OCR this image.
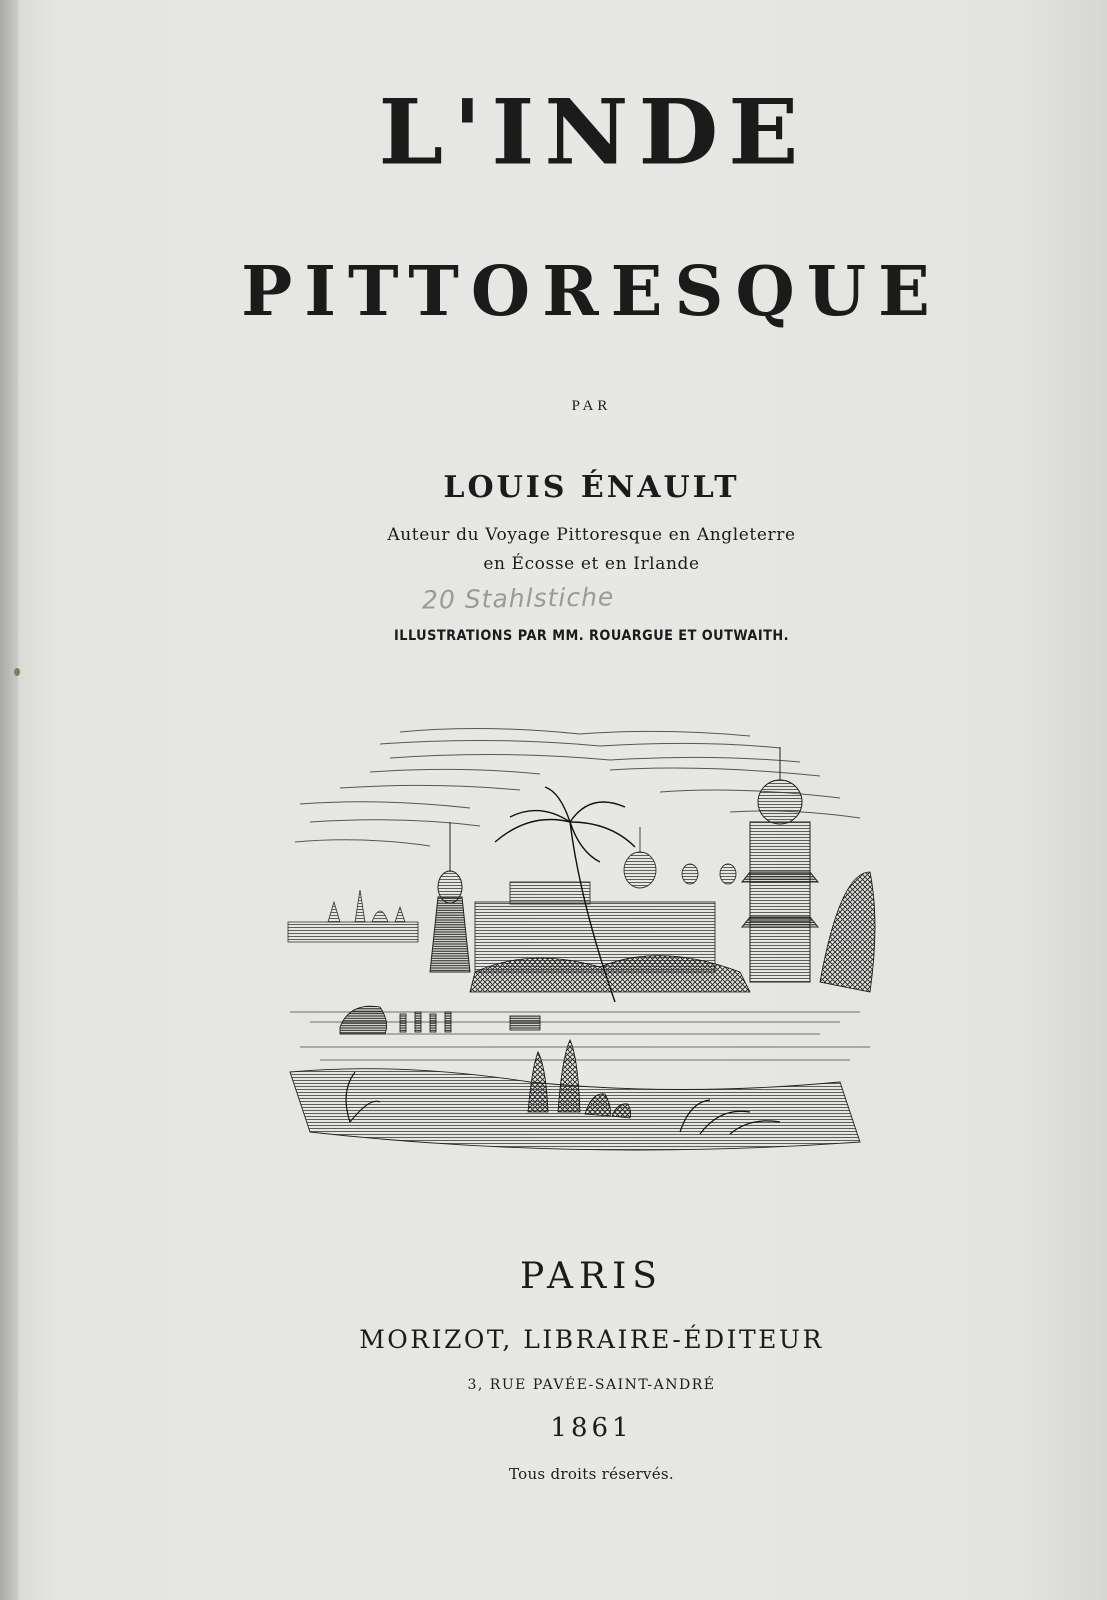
L'INDE
PITTORESQUE
PAR
LOUIS ÉNAULT
Auteur du Voyage Pittoresque en Angleterre
en Écosse et en Irlande
20 Stahlstiche
ILLUSTRATIONS PAR MM. ROUARGUE ET OUTWAITH.
PARIS
MORIZOT, LIBRAIRE-ÉDITEUR
3, RUE PAVÉE-SAINT-ANDRÉ
1861
Tous droits réservés.
